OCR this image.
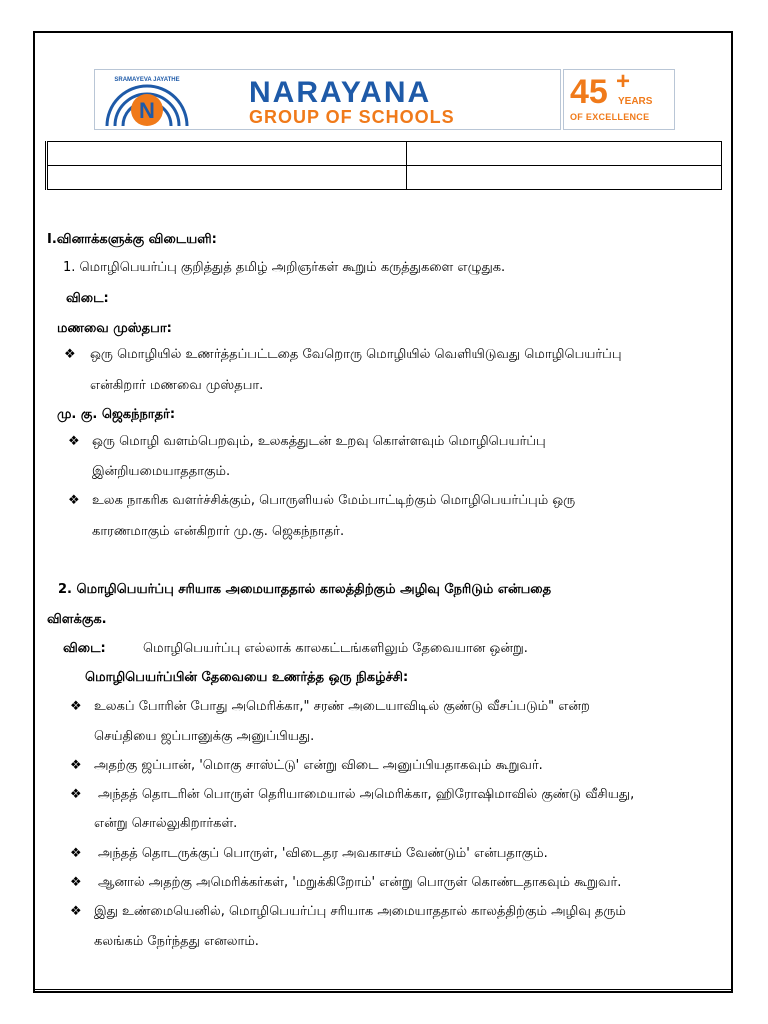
N
SRAMAYEVA JAYATHE NARAYANA
GROUP OF SCHOOLS
45 +
YEARS
OF EXCELLENCE

I.வினாக்களுக்கு விடையளி:
1. மொழிபெயர்ப்பு குறித்துத் தமிழ் அறிஞர்கள் கூறும் கருத்துகளை எழுதுக.
விடை:
மணவை முஸ்தபா:
❖ ஒரு மொழியில் உணர்த்தப்பட்டதை வேறொரு மொழியில் வெளியிடுவது மொழிபெயர்ப்பு
என்கிறார் மணவை முஸ்தபா.
மு. கு. ஜெகந்நாதர்:
❖ ஒரு மொழி வளம்பெறவும், உலகத்துடன் உறவு கொள்ளவும் மொழிபெயர்ப்பு
இன்றியமையாததாகும்.
❖ உலக நாகரிக வளர்ச்சிக்கும், பொருளியல் மேம்பாட்டிற்கும் மொழிபெயர்ப்பும் ஒரு
காரணமாகும் என்கிறார் மு.கு. ஜெகந்நாதர்.
2. மொழிபெயர்ப்பு சரியாக அமையாததால் காலத்திற்கும் அழிவு நேரிடும் என்பதை
விளக்குக.
விடை:	மொழிபெயர்ப்பு எல்லாக் காலகட்டங்களிலும் தேவையான ஒன்று.
மொழிபெயர்ப்பின் தேவையை உணர்த்த ஒரு நிகழ்ச்சி:
❖ உலகப் போரின் போது அமெரிக்கா," சரண் அடையாவிடில் குண்டு வீசப்படும்" என்ற
செய்தியை ஜப்பானுக்கு அனுப்பியது.
❖ அதற்கு ஜப்பான், 'மொகு சாஸ்ட்டு' என்று விடை அனுப்பியதாகவும் கூறுவர்.
❖ அந்தத் தொடரின் பொருள் தெரியாமையால் அமெரிக்கா, ஹிரோஷிமாவில் குண்டு வீசியது,
என்று சொல்லுகிறார்கள்.
❖ அந்தத் தொடருக்குப் பொருள், 'விடைதர அவகாசம் வேண்டும்' என்பதாகும்.
❖ ஆனால் அதற்கு அமெரிக்கர்கள், 'மறுக்கிறோம்' என்று பொருள் கொண்டதாகவும் கூறுவர்.
❖ இது உண்மையெனில், மொழிபெயர்ப்பு சரியாக அமையாததால் காலத்திற்கும் அழிவு தரும்
கலங்கம் நேர்ந்தது எனலாம்.
